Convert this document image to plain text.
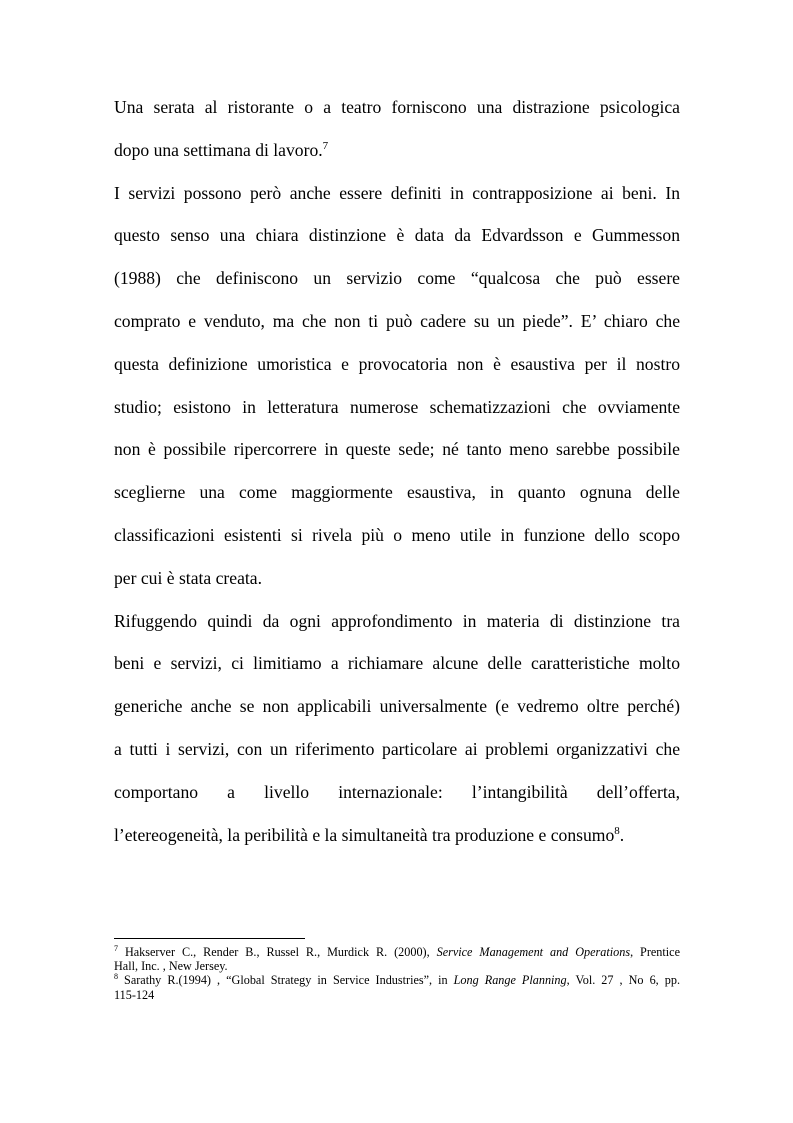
Una serata al ristorante o a teatro forniscono una distrazione psicologica
dopo una settimana di lavoro.$^7$
I servizi possono però anche essere definiti in contrapposizione ai beni. In
questo senso una chiara distinzione è data da Edvardsson e Gummesson
(1988) che definiscono un servizio come “qualcosa che può essere
comprato e venduto, ma che non ti può cadere su un piede”. E’ chiaro che
questa definizione umoristica e provocatoria non è esaustiva per il nostro
studio; esistono in letteratura numerose schematizzazioni che ovviamente
non è possibile ripercorrere in queste sede; né tanto meno sarebbe possibile
sceglierne una come maggiormente esaustiva, in quanto ognuna delle
classificazioni esistenti si rivela più o meno utile in funzione dello scopo
per cui è stata creata.
Rifuggendo quindi da ogni approfondimento in materia di distinzione tra
beni e servizi, ci limitiamo a richiamare alcune delle caratteristiche molto
generiche anche se non applicabili universalmente (e vedremo oltre perché)
a tutti i servizi, con un riferimento particolare ai problemi organizzativi che
comportano a livello internazionale: l’intangibilità dell’offerta,
l’etereogeneità, la peribilità e la simultaneità tra produzione e consumo$^8$.
$^7$ Hakserver C., Render B., Russel R., Murdick R. (2000), Service Management and Operations, Prentice
Hall, Inc. , New Jersey.
$^8$ Sarathy R.(1994) , “Global Strategy in Service Industries”, in Long Range Planning, Vol. 27 , No 6, pp.
115-124
